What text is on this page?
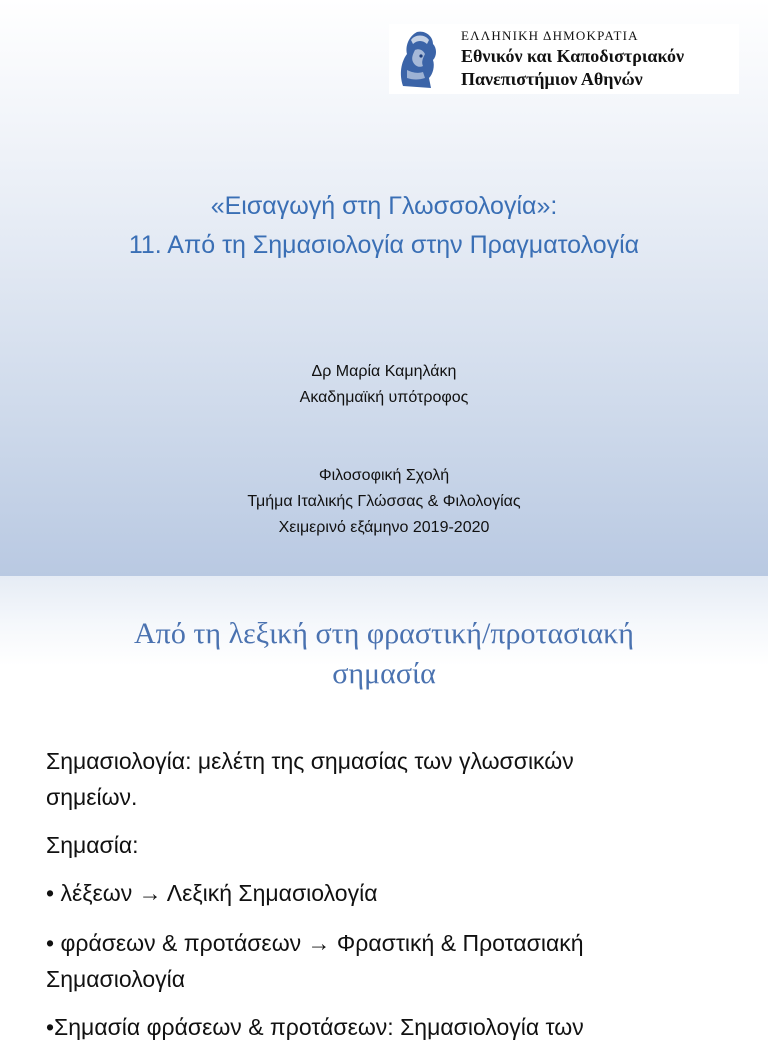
ΕΛΛΗΝΙΚΗ ΔΗΜΟΚΡΑΤΙΑ
Εθνικόν και Καποδιστριακόν
Πανεπιστήμιον Αθηνών
«Εισαγωγή στη Γλωσσολογία»:
11. Από τη Σημασιολογία στην Πραγματολογία
Δρ Μαρία Καμηλάκη
Ακαδημαϊκή υπότροφος
Φιλοσοφική Σχολή
Τμήμα Ιταλικής Γλώσσας & Φιλολογίας
Χειμερινό εξάμηνο 2019-2020
Από τη λεξική στη φραστική/προτασιακή
σημασία
Σημασιολογία: μελέτη της σημασίας των γλωσσικών
σημείων.
Σημασία:
• λέξεων → Λεξική Σημασιολογία
• φράσεων & προτάσεων → Φραστική & Προτασιακή
Σημασιολογία
•Σημασία φράσεων & προτάσεων: Σημασιολογία των
